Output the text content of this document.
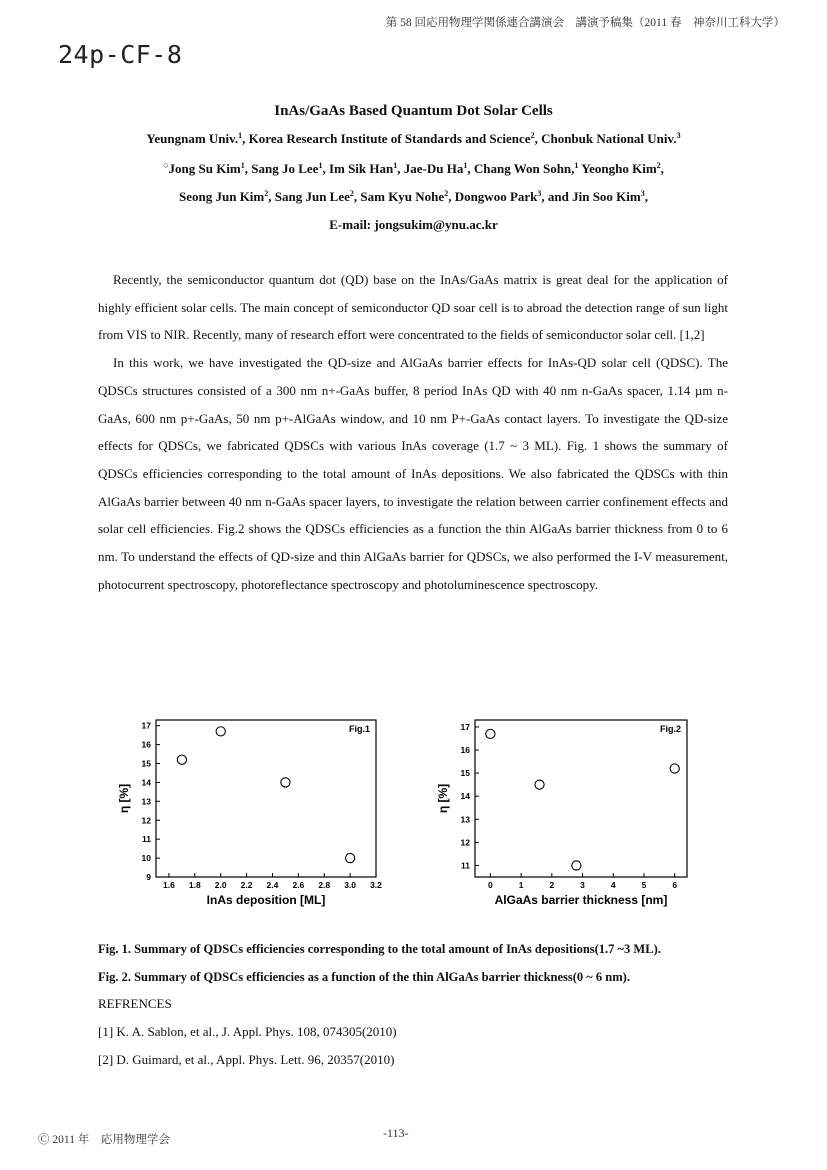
第 58 回応用物理学関係連合講演会　講演予稿集（2011 春　神奈川工科大学）
24p-CF-8
InAs/GaAs Based Quantum Dot Solar Cells
Yeungnam Univ.$^1$, Korea Research Institute of Standards and Science$^2$, Chonbuk National Univ.$^3$
○Jong Su Kim$^1$, Sang Jo Lee$^1$, Im Sik Han$^1$, Jae-Du Ha$^1$, Chang Won Sohn,$^1$ Yeongho Kim$^2$,
Seong Jun Kim$^2$, Sang Jun Lee$^2$, Sam Kyu Nohe$^2$, Dongwoo Park$^3$, and Jin Soo Kim$^3$,
E-mail: jongsukim@ynu.ac.kr

Recently, the semiconductor quantum dot (QD) base on the InAs/GaAs matrix is great deal for the application of highly efficient solar cells. The main concept of semiconductor QD soar cell is to abroad the detection range of sun light from VIS to NIR. Recently, many of research effort were concentrated to the fields of semiconductor solar cell. [1,2]

In this work, we have investigated the QD-size and AlGaAs barrier effects for InAs-QD solar cell (QDSC). The QDSCs structures consisted of a 300 nm n+-GaAs buffer, 8 period InAs QD with 40 nm n-GaAs spacer, 1.14 µm n-GaAs, 600 nm p+-GaAs, 50 nm p+-AlGaAs window, and 10 nm P+-GaAs contact layers. To investigate the QD-size effects for QDSCs, we fabricated QDSCs with various InAs coverage (1.7 ~ 3 ML). Fig. 1 shows the summary of QDSCs efficiencies corresponding to the total amount of InAs depositions. We also fabricated the QDSCs with thin AlGaAs barrier between 40 nm n-GaAs spacer layers, to investigate the relation between carrier confinement effects and solar cell efficiencies. Fig.2 shows the QDSCs efficiencies as a function the thin AlGaAs barrier thickness from 0 to 6 nm. To understand the effects of QD-size and thin AlGaAs barrier for QDSCs, we also performed the I-V measurement, photocurrent spectroscopy, photoreflectance spectroscopy and photoluminescence spectroscopy.

9
10
11
12
13
14
15
16
17
1.6 1.8 2.0 2.2 2.4 2.6 2.8 3.0 3.2
InAs deposition [ML]
η [%]
Fig.1
11
12
13
14
15
16
17
0	1	2	3	4	5	6
AlGaAs barrier thickness [nm]
η [%]
Fig.2
Fig. 1. Summary of QDSCs efficiencies corresponding to the total amount of InAs depositions(1.7 ~3 ML).
Fig. 2. Summary of QDSCs efficiencies as a function of the thin AlGaAs barrier thickness(0 ~ 6 nm).
REFRENCES
[1] K. A. Sablon, et al., J. Appl. Phys. 108, 074305(2010)
[2] D. Guimard, et al., Appl. Phys. Lett. 96, 20357(2010)
Ⓒ 2011 年　応用物理学会	-113-
